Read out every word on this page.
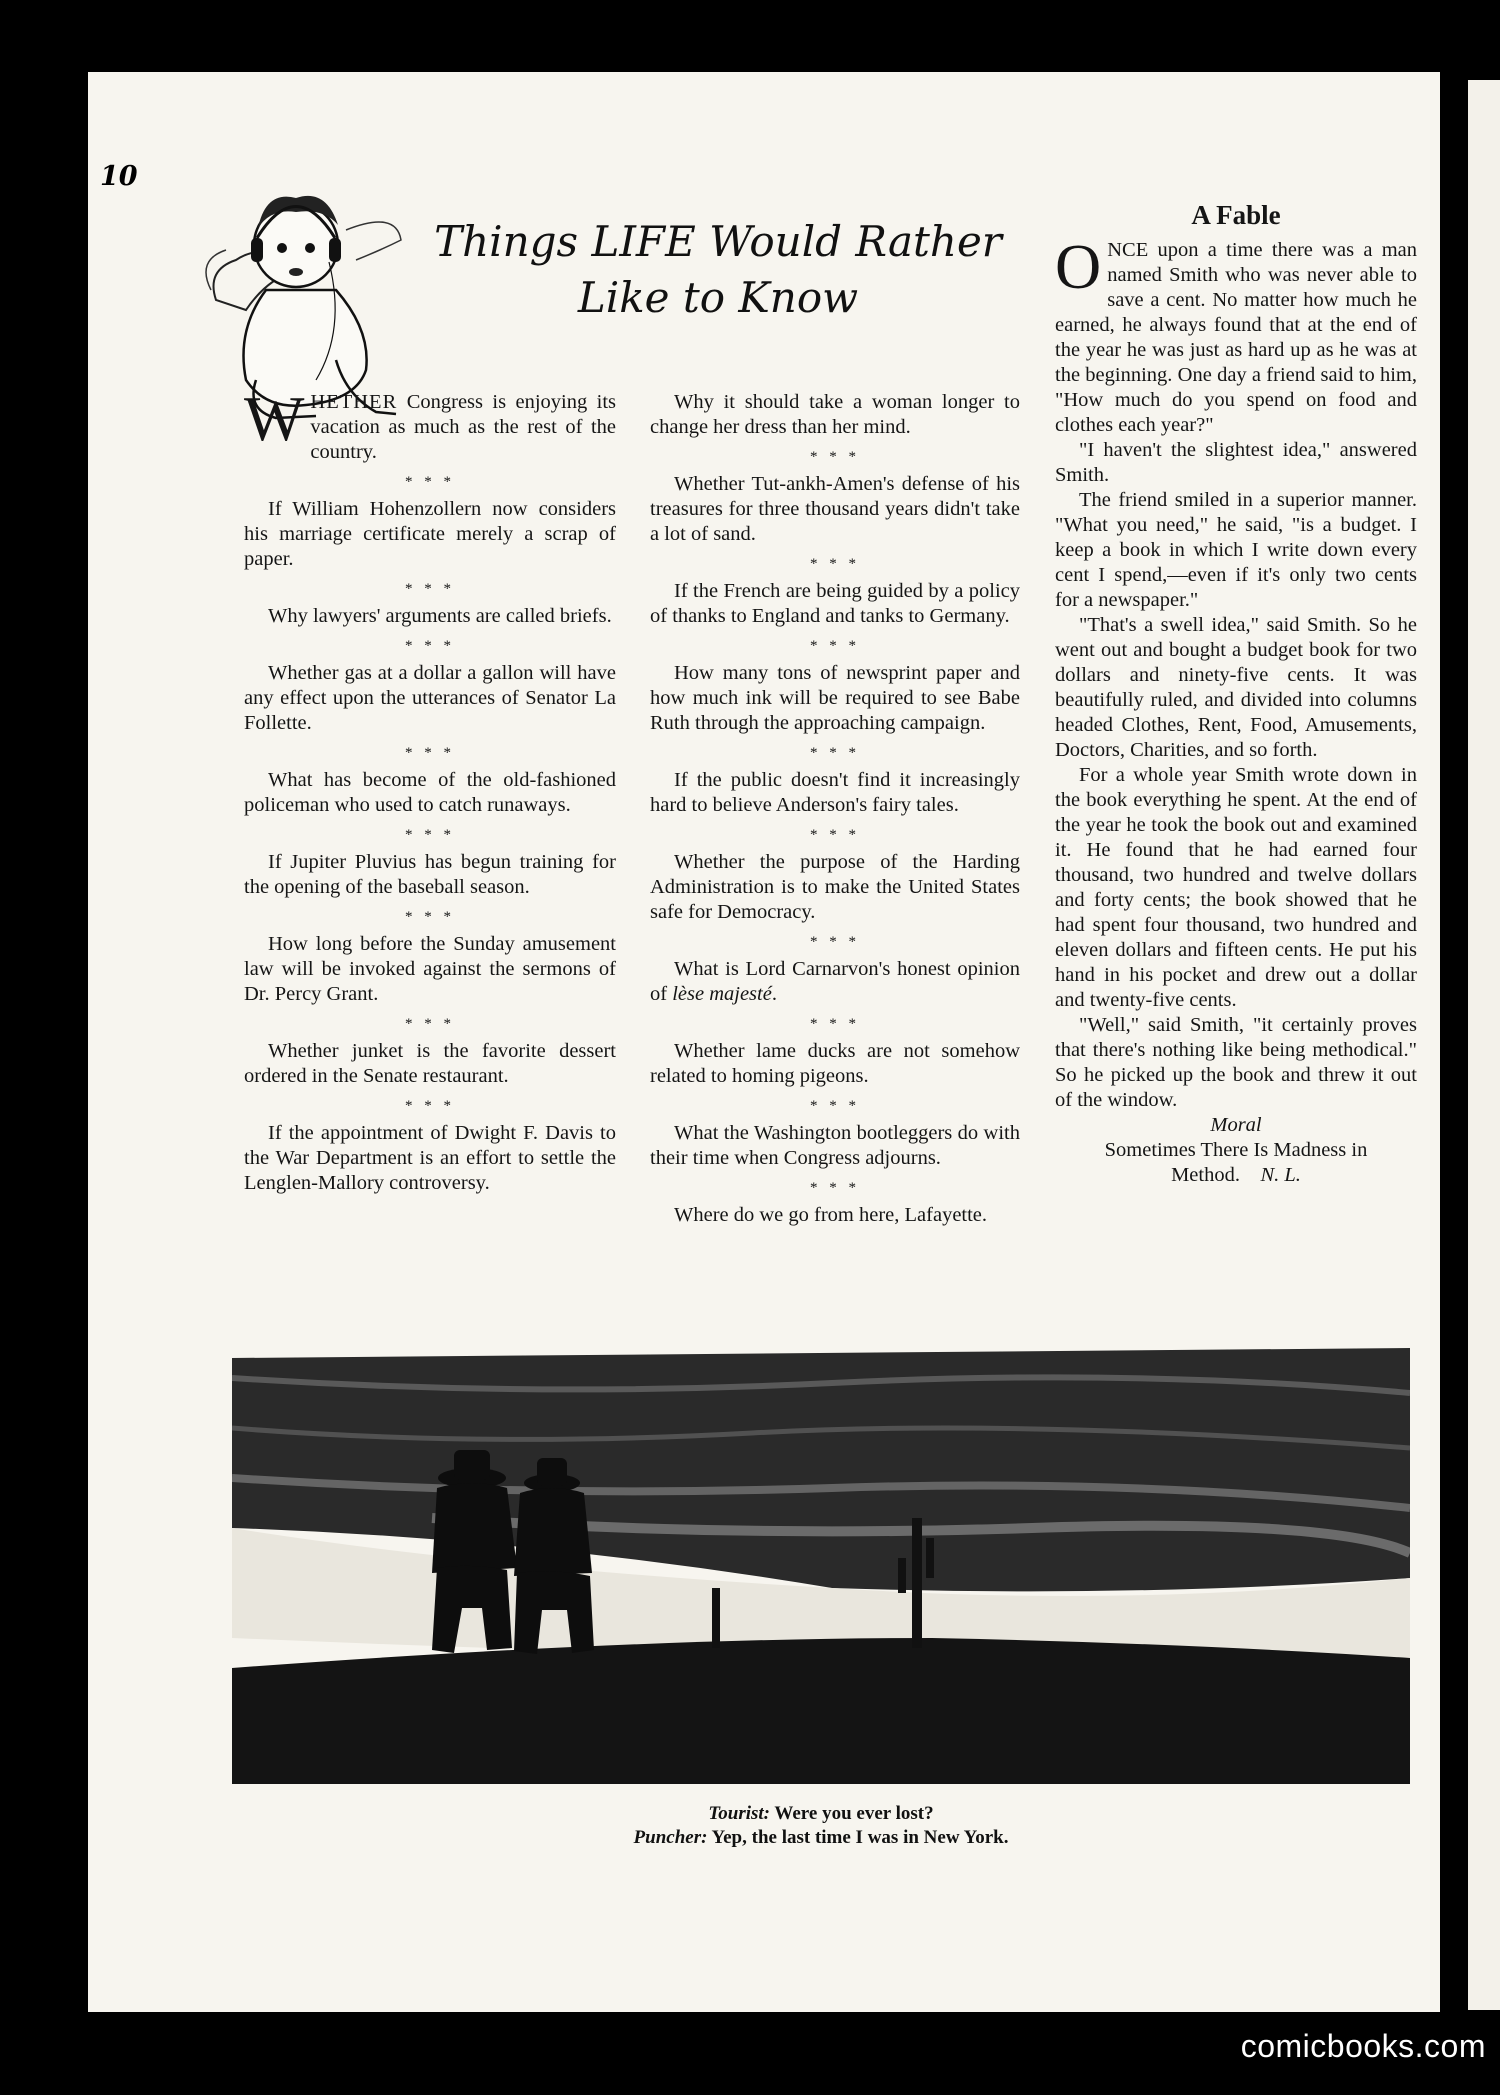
10
Things LIFE Would Rather
Like to Know

WHETHER Congress is enjoying its vacation as much as the rest of the country.

* * *

If William Hohenzollern now considers his marriage certificate merely a scrap of paper.

* * *

Why lawyers' arguments are called briefs.

* * *

Whether gas at a dollar a gallon will have any effect upon the utterances of Senator La Follette.

* * *

What has become of the old-fashioned policeman who used to catch runaways.

* * *

If Jupiter Pluvius has begun training for the opening of the baseball season.

* * *

How long before the Sunday amusement law will be invoked against the sermons of Dr. Percy Grant.

* * *

Whether junket is the favorite dessert ordered in the Senate restaurant.

* * *

If the appointment of Dwight F. Davis to the War Department is an effort to settle the Lenglen-Mallory controversy.

Why it should take a woman longer to change her dress than her mind.

* * *

Whether Tut-ankh-Amen's defense of his treasures for three thousand years didn't take a lot of sand.

* * *

If the French are being guided by a policy of thanks to England and tanks to Germany.

* * *

How many tons of newsprint paper and how much ink will be required to see Babe Ruth through the approaching campaign.

* * *

If the public doesn't find it increasingly hard to believe Anderson's fairy tales.

* * *

Whether the purpose of the Harding Administration is to make the United States safe for Democracy.

* * *

What is Lord Carnarvon's honest opinion of lèse majesté.

* * *

Whether lame ducks are not somehow related to homing pigeons.

* * *

What the Washington bootleggers do with their time when Congress adjourns.

* * *

Where do we go from here, Lafayette.

A Fable

ONCE upon a time there was a man named Smith who was never able to save a cent. No matter how much he earned, he always found that at the end of the year he was just as hard up as he was at the beginning. One day a friend said to him, "How much do you spend on food and clothes each year?"

"I haven't the slightest idea," answered Smith.

The friend smiled in a superior manner. "What you need," he said, "is a budget. I keep a book in which I write down every cent I spend,—even if it's only two cents for a newspaper."

"That's a swell idea," said Smith. So he went out and bought a budget book for two dollars and ninety-five cents. It was beautifully ruled, and divided into columns headed Clothes, Rent, Food, Amusements, Doctors, Charities, and so forth.

For a whole year Smith wrote down in the book everything he spent. At the end of the year he took the book out and examined it. He found that he had earned four thousand, two hundred and twelve dollars and forty cents; the book showed that he had spent four thousand, two hundred and eleven dollars and fifteen cents. He put his hand in his pocket and drew out a dollar and twenty-five cents.

"Well," said Smith, "it certainly proves that there's nothing like being methodical." So he picked up the book and threw it out of the window.

Moral

Sometimes There Is Madness in Method. N. L.

Tourist: Were you ever lost?
Puncher: Yep, the last time I was in New York.
comicbooks.com
